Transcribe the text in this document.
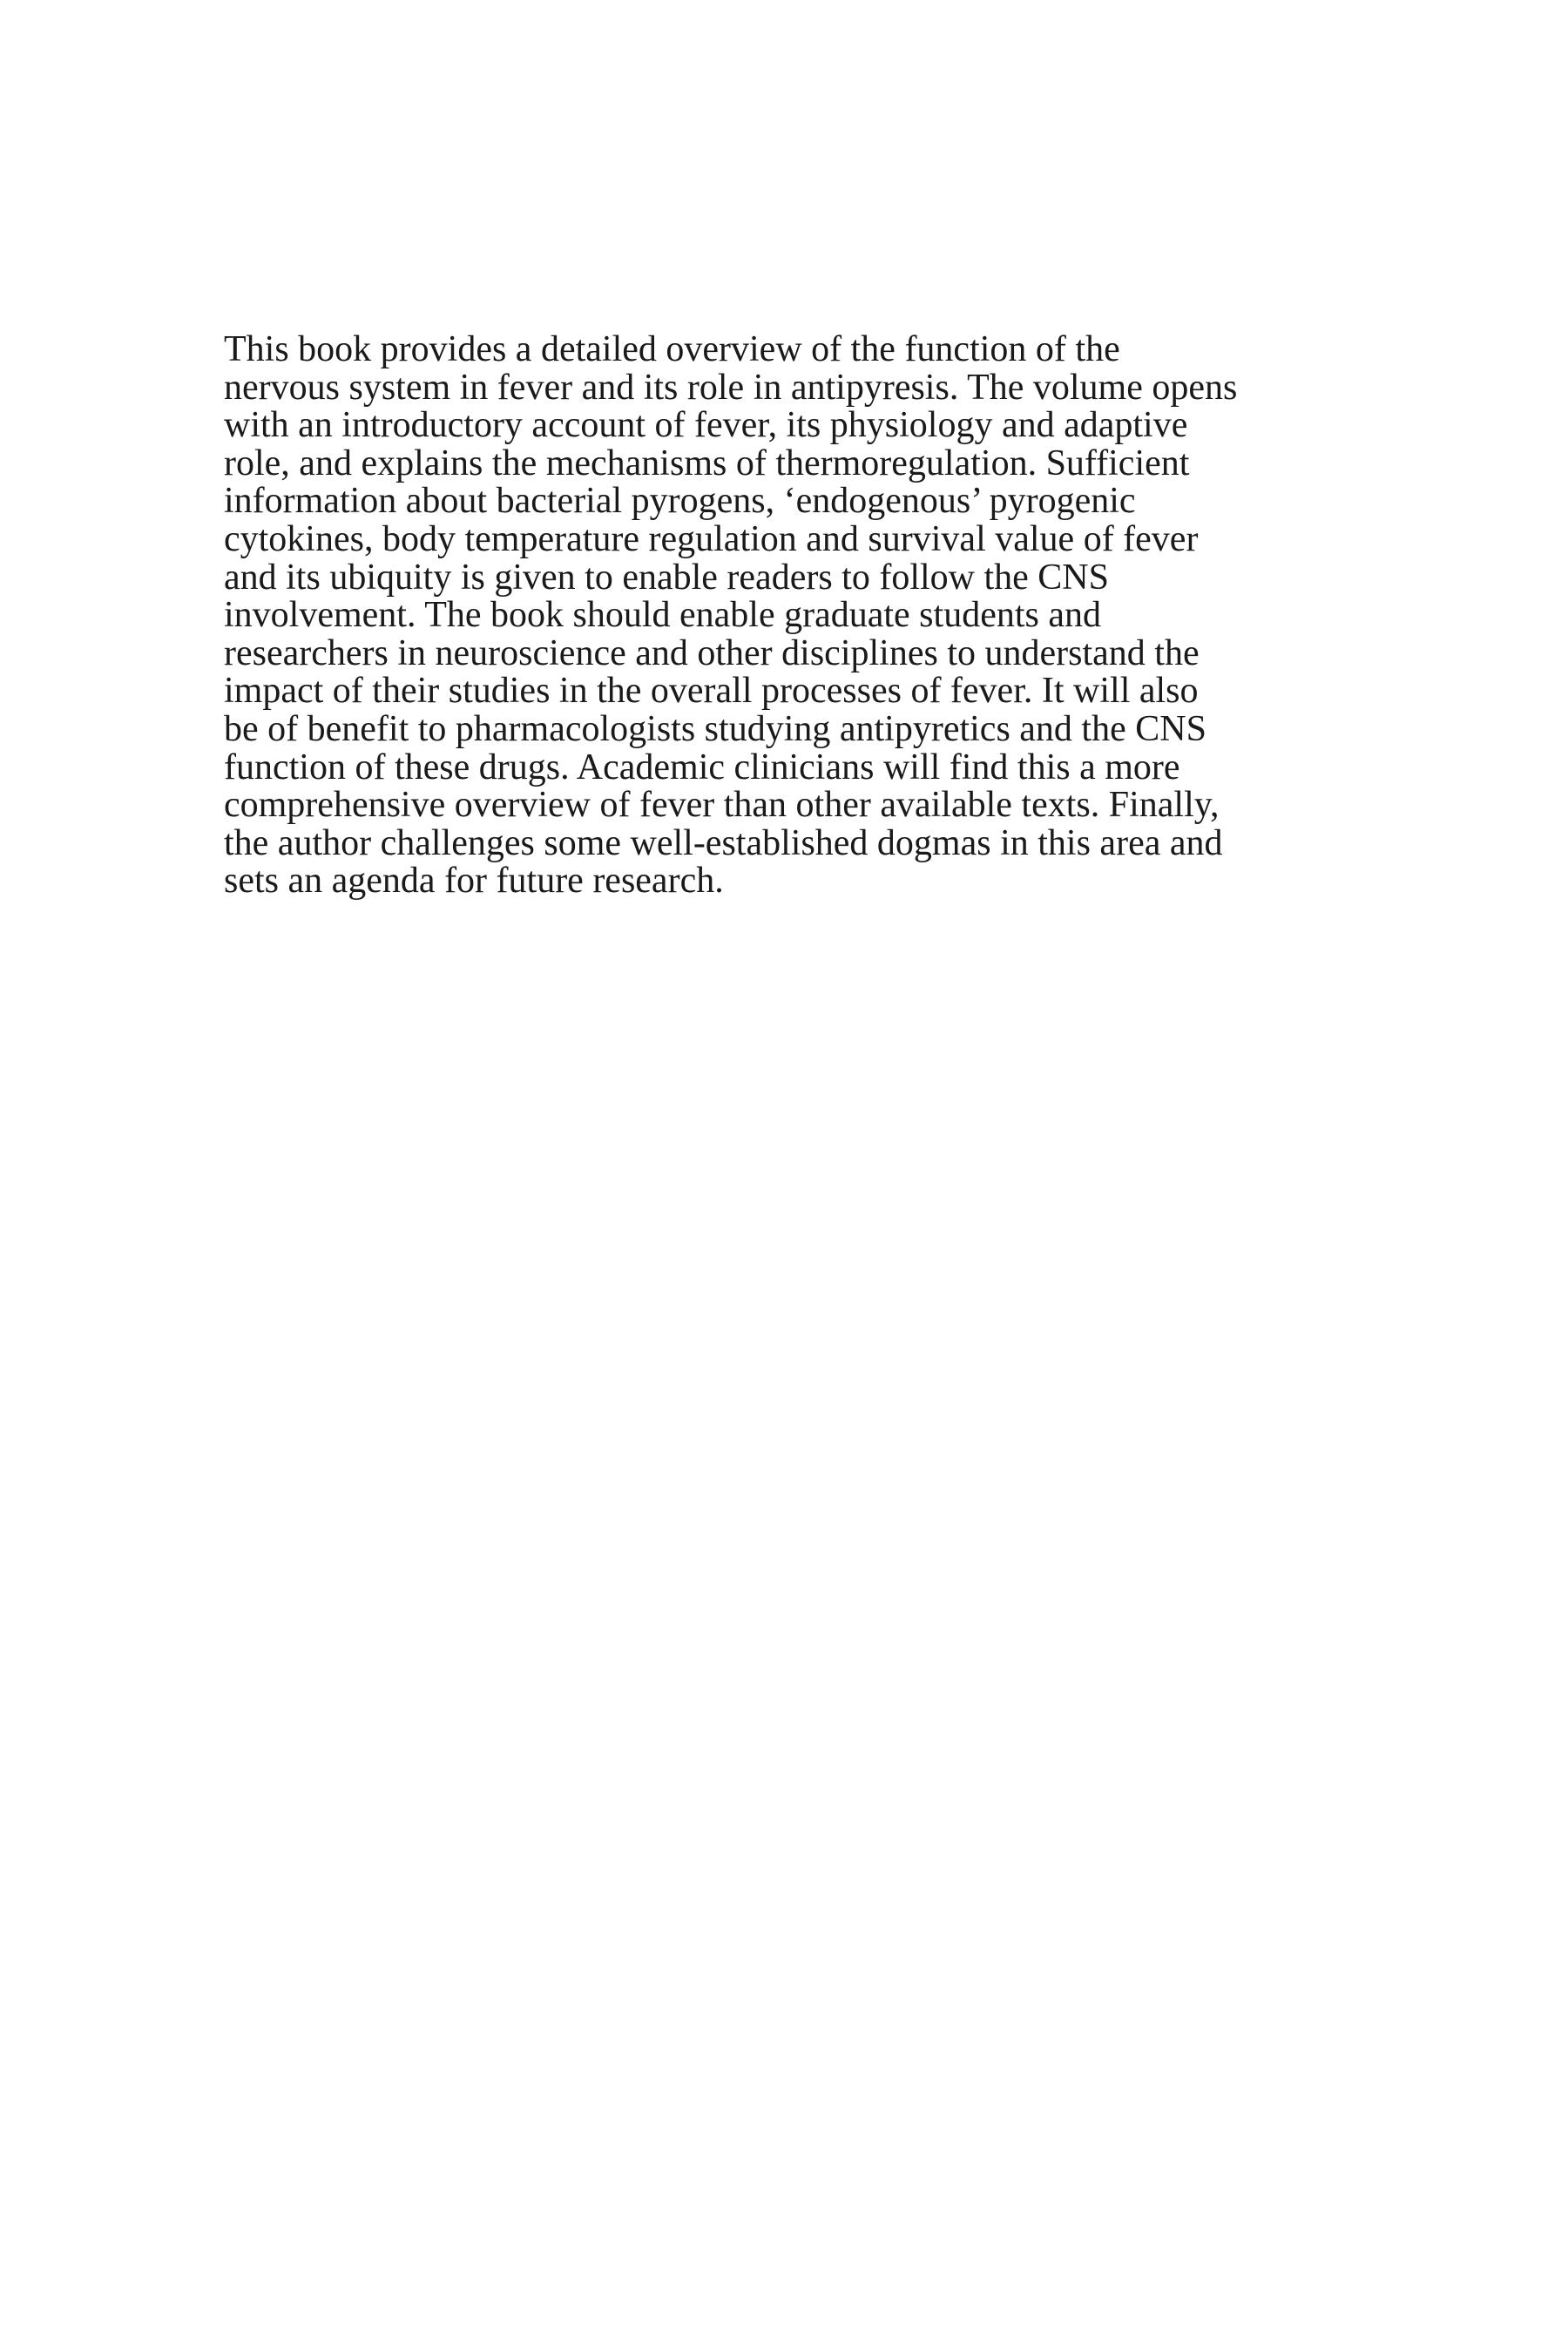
This book provides a detailed overview of the function of the
nervous system in fever and its role in antipyresis. The volume opens
with an introductory account of fever, its physiology and adaptive
role, and explains the mechanisms of thermoregulation. Sufficient
information about bacterial pyrogens, ‘endogenous’ pyrogenic
cytokines, body temperature regulation and survival value of fever
and its ubiquity is given to enable readers to follow the CNS
involvement. The book should enable graduate students and
researchers in neuroscience and other disciplines to understand the
impact of their studies in the overall processes of fever. It will also
be of benefit to pharmacologists studying antipyretics and the CNS
function of these drugs. Academic clinicians will find this a more
comprehensive overview of fever than other available texts. Finally,
the author challenges some well-established dogmas in this area and
sets an agenda for future research.
